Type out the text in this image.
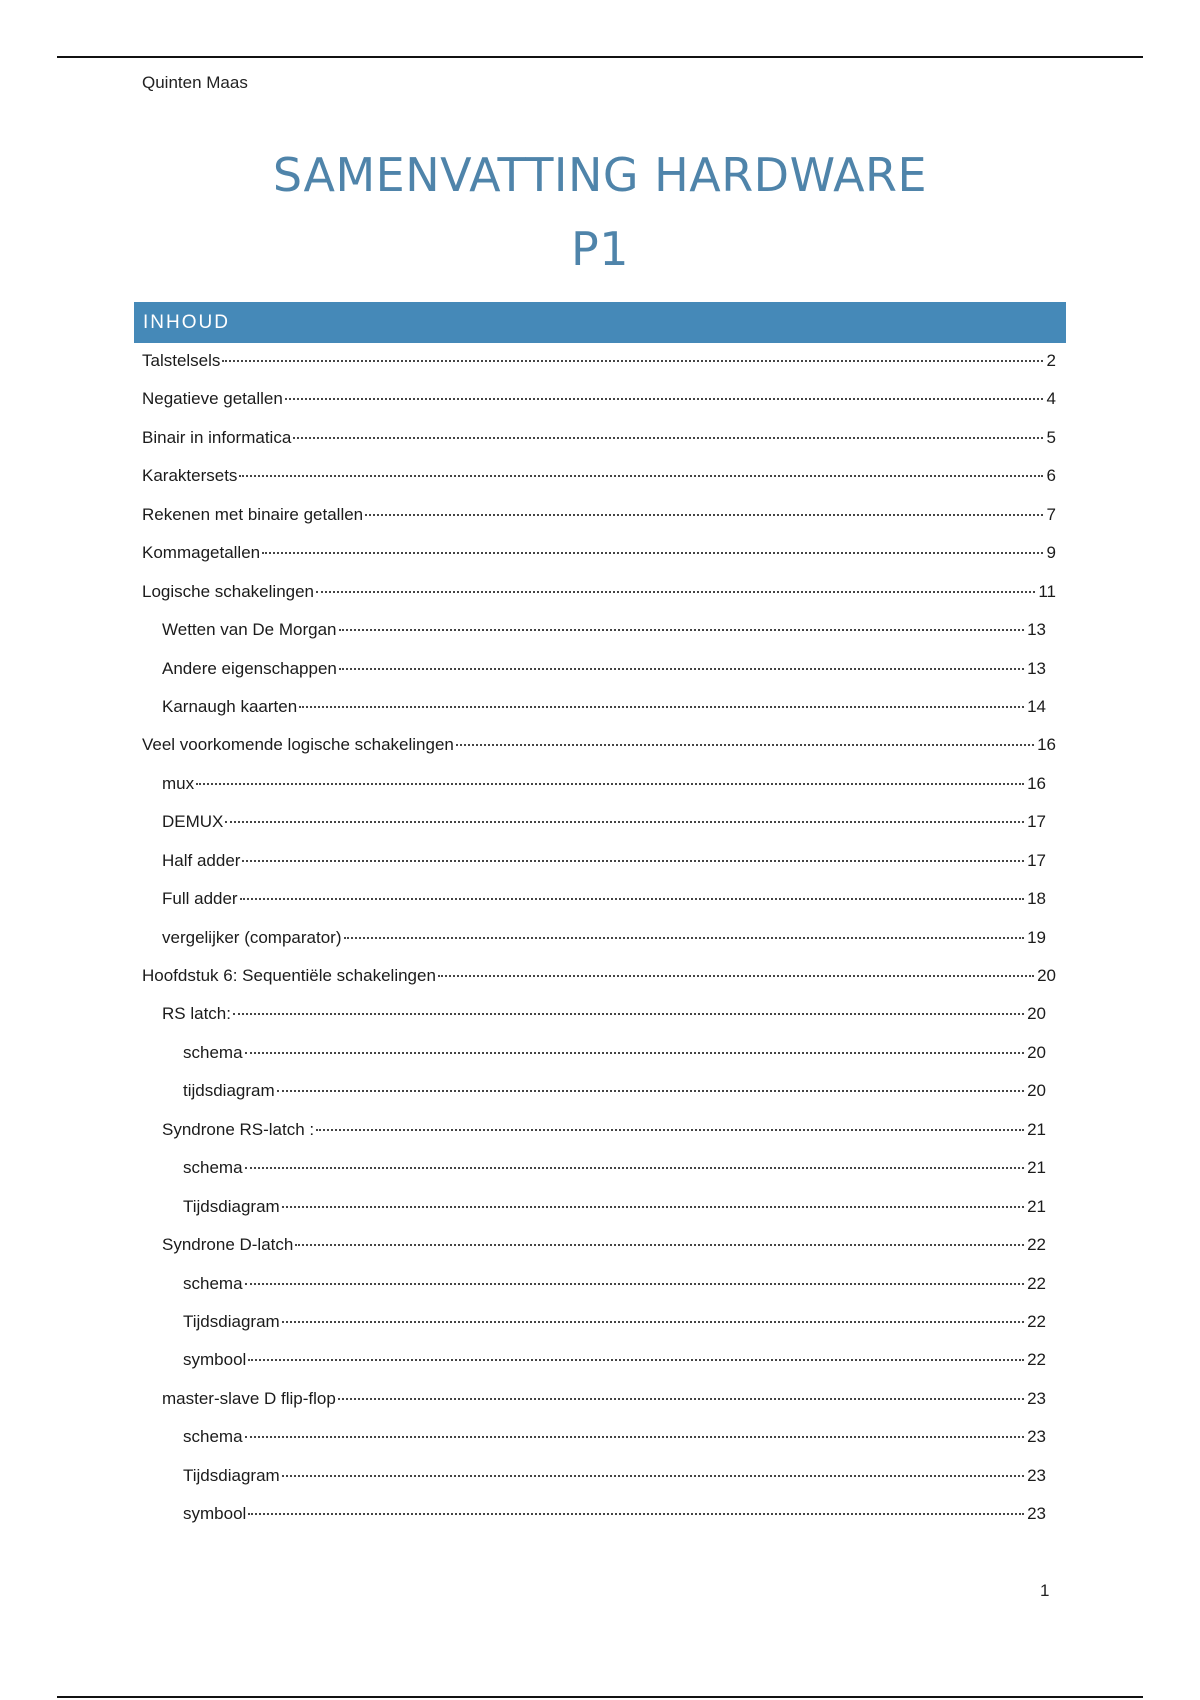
Quinten Maas
SAMENVATTING HARDWARE
P1
INHOUD
Talstelsels	2
Negatieve getallen	4
Binair in informatica	5
Karaktersets	6
Rekenen met binaire getallen	7
Kommagetallen	9
Logische schakelingen	11
Wetten van De Morgan	13
Andere eigenschappen	13
Karnaugh kaarten	14
Veel voorkomende logische schakelingen	16
mux	16
DEMUX	17
Half adder	17
Full adder	18
vergelijker (comparator)	19
Hoofdstuk 6: Sequentiële schakelingen	20
RS latch:	20
schema	20
tijdsdiagram	20
Syndrone RS-latch :	21
schema	21
Tijdsdiagram	21
Syndrone D-latch	22
schema	22
Tijdsdiagram	22
symbool	22
master-slave D flip-flop	23
schema	23
Tijdsdiagram	23
symbool	23
1
